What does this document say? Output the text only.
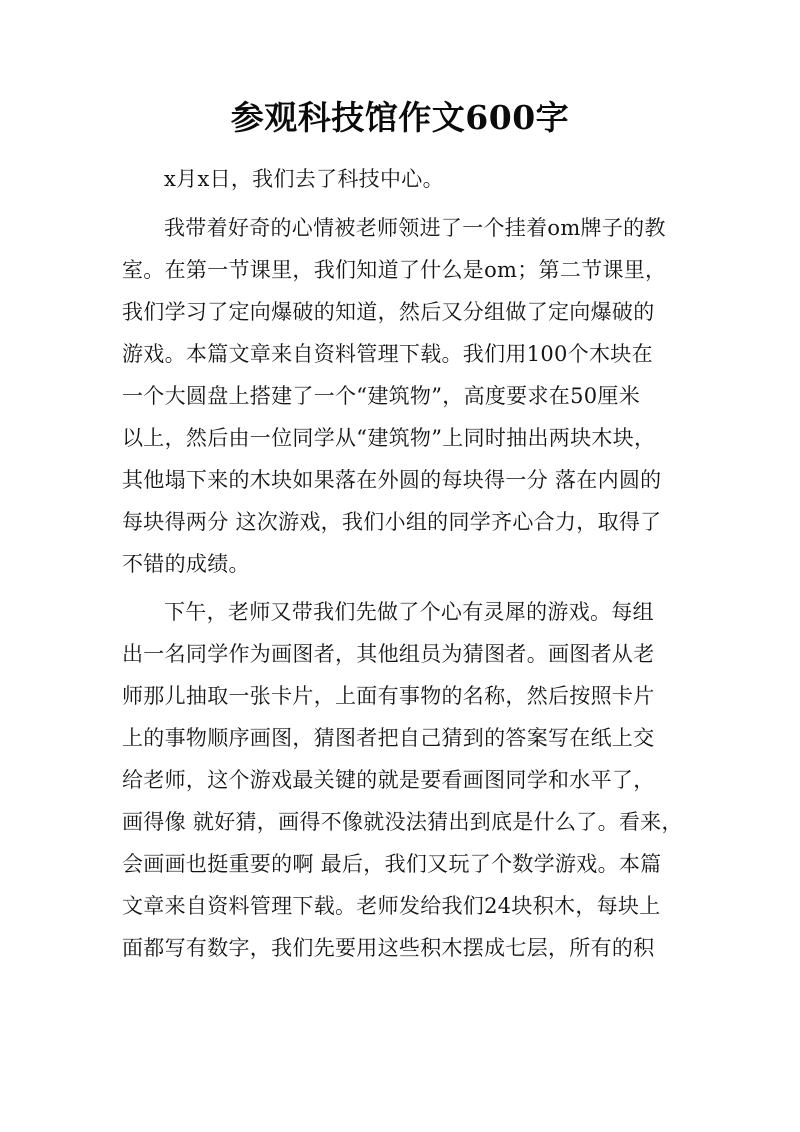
参观科技馆作文600字
x月x日，我们去了科技中心。
我带着好奇的心情被老师领进了一个挂着om牌子的教
室。在第一节课里，我们知道了什么是om；第二节课里，
我们学习了定向爆破的知道，然后又分组做了定向爆破的
游戏。本篇文章来自资料管理下载。我们用100个木块在
一个大圆盘上搭建了一个“建筑物”，高度要求在50厘米
以上，然后由一位同学从“建筑物”上同时抽出两块木块，
其他塌下来的木块如果落在外圆的每块得一分 落在内圆的
每块得两分 这次游戏，我们小组的同学齐心合力，取得了
不错的成绩。
下午，老师又带我们先做了个心有灵犀的游戏。每组
出一名同学作为画图者，其他组员为猜图者。画图者从老
师那儿抽取一张卡片，上面有事物的名称，然后按照卡片
上的事物顺序画图，猜图者把自己猜到的答案写在纸上交
给老师，这个游戏最关键的就是要看画图同学和水平了，
画得像 就好猜，画得不像就没法猜出到底是什么了。看来，
会画画也挺重要的啊 最后，我们又玩了个数学游戏。本篇
文章来自资料管理下载。老师发给我们24块积木，每块上
面都写有数字，我们先要用这些积木摆成七层，所有的积
